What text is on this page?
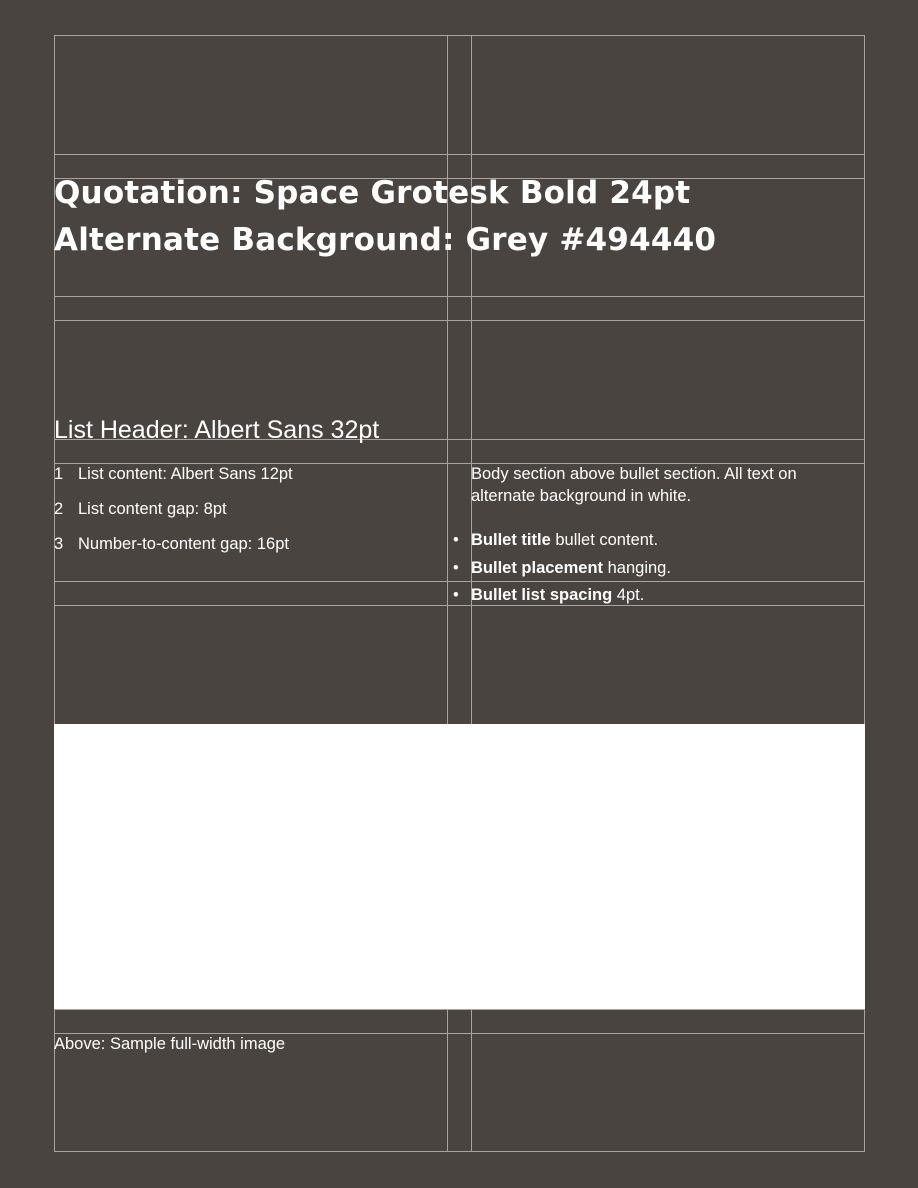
Quotation: Space Grotesk Bold 24pt
Alternate Background: Grey #494440
List Header: Albert Sans 32pt
1 List content: Albert Sans 12pt
2 List content gap: 8pt
3 Number-to-content gap: 16pt
Body section above bullet section. All text on alternate background in white.
• Bullet title bullet content.
• Bullet placement hanging.
• Bullet list spacing 4pt.
Above: Sample full-width image
